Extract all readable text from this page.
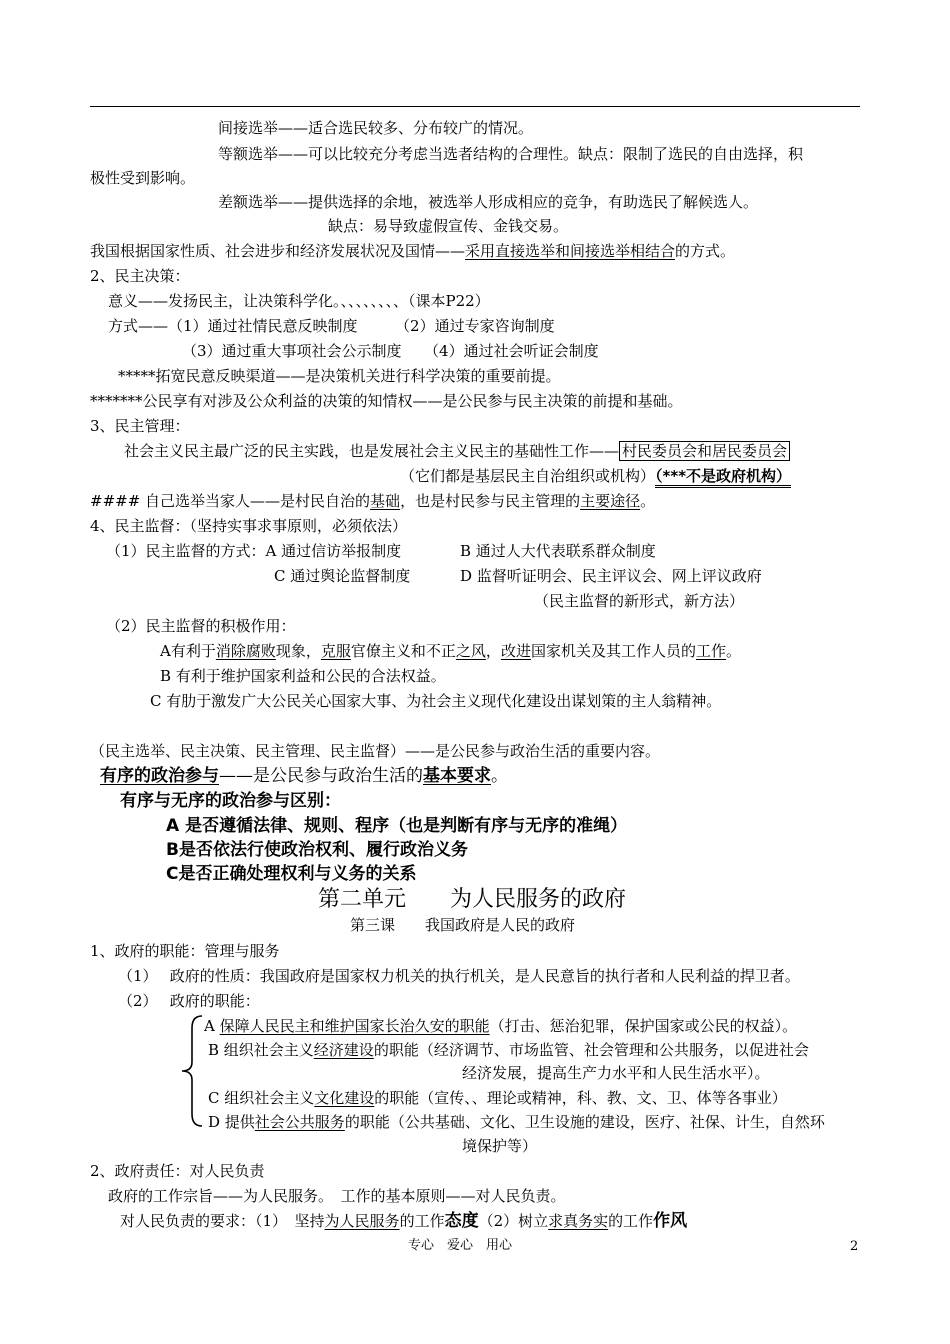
间接选举——适合选民较多、分布较广的情况。
等额选举——可以比较充分考虑当选者结构的合理性。缺点：限制了选民的自由选择，积
极性受到影响。
差额选举——提供选择的余地，被选举人形成相应的竞争，有助选民了解候选人。
缺点：易导致虚假宣传、金钱交易。
我国根据国家性质、社会进步和经济发展状况及国情——采用直接选举和间接选举相结合的方式。
2、民主决策：
意义——发扬民主，让决策科学化。、、、、、、、、（课本P22）
方式——（1）通过社情民意反映制度　　　（2）通过专家咨询制度
（3）通过重大事项社会公示制度　　（4）通过社会听证会制度
*****拓宽民意反映渠道——是决策机关进行科学决策的重要前提。
*******公民享有对涉及公众利益的决策的知情权——是公民参与民主决策的前提和基础。
3、民主管理：
社会主义民主最广泛的民主实践，也是发展社会主义民主的基础性工作—— 村民委员会和居民委员会
（它们都是基层民主自治组织或机构）（***不是政府机构）
#### 自己选举当家人——是村民自治的基础，也是村民参与民主管理的主要途径。
4、民主监督：（坚持实事求事原则，必须依法）
（1）民主监督的方式：A 通过信访举报制度	B 通过人大代表联系群众制度
C 通过舆论监督制度	D 监督听证明会、民主评议会、网上评议政府
（民主监督的新形式，新方法）
（2）民主监督的积极作用：
A有利于消除腐败现象，克服官僚主义和不正之风，改进国家机关及其工作人员的工作。
B 有利于维护国家利益和公民的合法权益。
C 有肋于激发广大公民关心国家大事、为社会主义现代化建设出谋划策的主人翁精神。
（民主选举、民主决策、民主管理、民主监督）——是公民参与政治生活的重要内容。
有序的政治参与——是公民参与政治生活的基本要求。
有序与无序的政治参与区别：
A 是否遵循法律、规则、程序（也是判断有序与无序的准绳）
B是否依法行使政治权利、履行政治义务
C是否正确处理权利与义务的关系
第二单元　　为人民服务的政府
第三课　　我国政府是人民的政府
1、政府的职能：管理与服务
（1）　 政府的性质：我国政府是国家权力机关的执行机关，是人民意旨的执行者和人民利益的捍卫者。
（2）　 政府的职能：
A 保障人民民主和维护国家长治久安的职能（打击、惩治犯罪，保护国家或公民的权益）。
B 组织社会主义经济建设的职能（经济调节、市场监管、社会管理和公共服务，以促进社会
经济发展，提高生产力水平和人民生活水平）。
C 组织社会主义文化建设的职能（宣传、、理论或精神，科、教、文、卫、体等各事业）
D 提供社会公共服务的职能（公共基础、文化、卫生设施的建设，医疗、社保、计生，自然环
境保护等）
2、政府责任：对人民负责
政府的工作宗旨——为人民服务。　工作的基本原则——对人民负责。
对人民负责的要求：（1）　坚持为人民服务的工作态度（2）树立求真务实的工作作风
专心　爱心　用心	2
